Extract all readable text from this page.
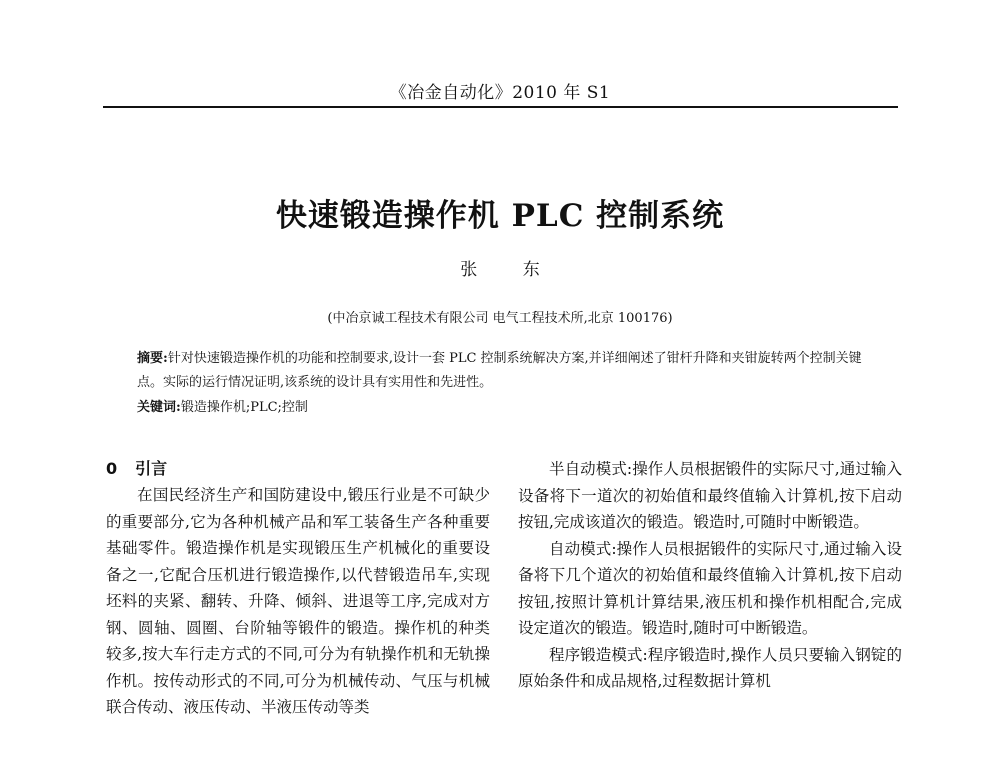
《冶金自动化》2010 年 S1
快速锻造操作机 PLC 控制系统
张 东
(中冶京诚工程技术有限公司 电气工程技术所,北京 100176)

摘要:针对快速锻造操作机的功能和控制要求,设计一套 PLC 控制系统解决方案,并详细阐述了钳杆升降和夹钳旋转两个控制关键点。实际的运行情况证明,该系统的设计具有实用性和先进性。

关键词:锻造操作机;PLC;控制
0 引言

在国民经济生产和国防建设中,锻压行业是不可缺少的重要部分,它为各种机械产品和军工装备生产各种重要基础零件。锻造操作机是实现锻压生产机械化的重要设备之一,它配合压机进行锻造操作,以代替锻造吊车,实现坯料的夹紧、翻转、升降、倾斜、进退等工序,完成对方钢、圆轴、圆圈、台阶轴等锻件的锻造。操作机的种类较多,按大车行走方式的不同,可分为有轨操作机和无轨操作机。按传动形式的不同,可分为机械传动、气压与机械联合传动、液压传动、半液压传动等类

半自动模式:操作人员根据锻件的实际尺寸,通过输入设备将下一道次的初始值和最终值输入计算机,按下启动按钮,完成该道次的锻造。锻造时,可随时中断锻造。

自动模式:操作人员根据锻件的实际尺寸,通过输入设备将下几个道次的初始值和最终值输入计算机,按下启动按钮,按照计算机计算结果,液压机和操作机相配合,完成设定道次的锻造。锻造时,随时可中断锻造。

程序锻造模式:程序锻造时,操作人员只要输入钢锭的原始条件和成品规格,过程数据计算机
